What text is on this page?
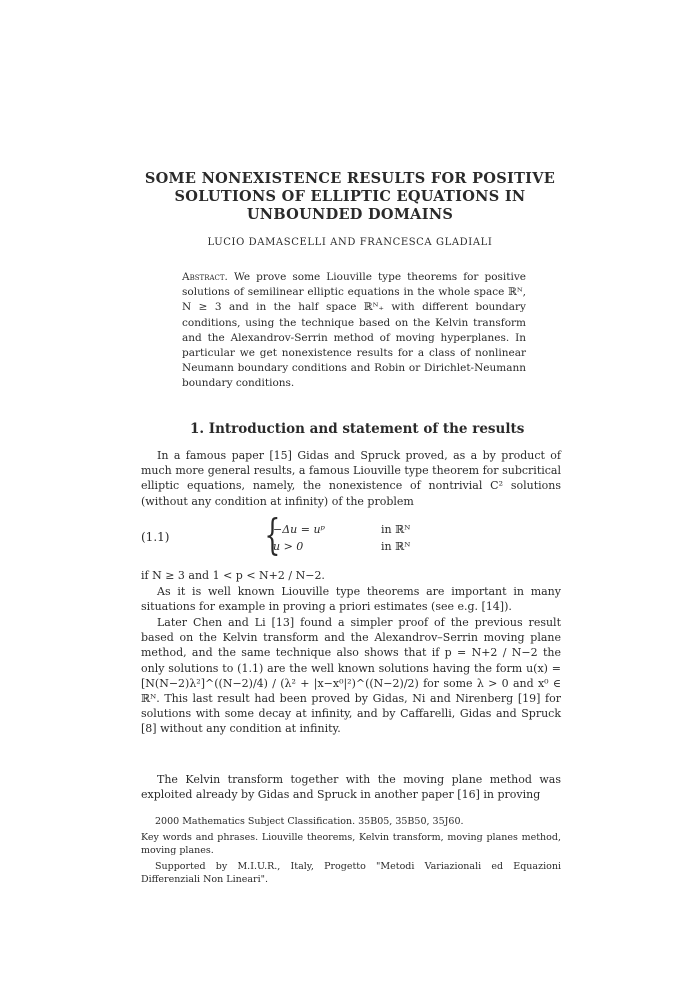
SOME NONEXISTENCE RESULTS FOR POSITIVE SOLUTIONS OF ELLIPTIC EQUATIONS IN UNBOUNDED DOMAINS
LUCIO DAMASCELLI AND FRANCESCA GLADIALI
Abstract. We prove some Liouville type theorems for positive solutions of semilinear elliptic equations in the whole space ℝᴺ, N ≥ 3 and in the half space ℝᴺ₊ with different boundary conditions, using the technique based on the Kelvin transform and the Alexandrov-Serrin method of moving hyperplanes. In particular we get nonexistence results for a class of nonlinear Neumann boundary conditions and Robin or Dirichlet-Neumann boundary conditions.
1. Introduction and statement of the results
In a famous paper [15] Gidas and Spruck proved, as a by product of much more general results, a famous Liouville type theorem for subcritical elliptic equations, namely, the nonexistence of nontrivial C² solutions (without any condition at infinity) of the problem
(1.1) {
−Δu = uᵖ	in ℝᴺ
u > 0	in ℝᴺ
if N ≥ 3 and 1 < p < N+2 / N−2.
As it is well known Liouville type theorems are important in many situations for example in proving a priori estimates (see e.g. [14]).
Later Chen and Li [13] found a simpler proof of the previous result based on the Kelvin transform and the Alexandrov–Serrin moving plane method, and the same technique also shows that if p = N+2 / N−2 the only solutions to (1.1) are the well known solutions having the form u(x) = [N(N−2)λ²]^((N−2)/4) / (λ² + |x−x⁰|²)^((N−2)/2) for some λ > 0 and x⁰ ∈ ℝᴺ. This last result had been proved by Gidas, Ni and Nirenberg [19] for solutions with some decay at infinity, and by Caffarelli, Gidas and Spruck [8] without any condition at infinity.
The Kelvin transform together with the moving plane method was exploited already by Gidas and Spruck in another paper [16] in proving
2000 Mathematics Subject Classification. 35B05, 35B50, 35J60.
Key words and phrases. Liouville theorems, Kelvin transform, moving planes method, moving planes.
Supported by M.I.U.R., Italy, Progetto "Metodi Variazionali ed Equazioni Differenziali Non Lineari".
